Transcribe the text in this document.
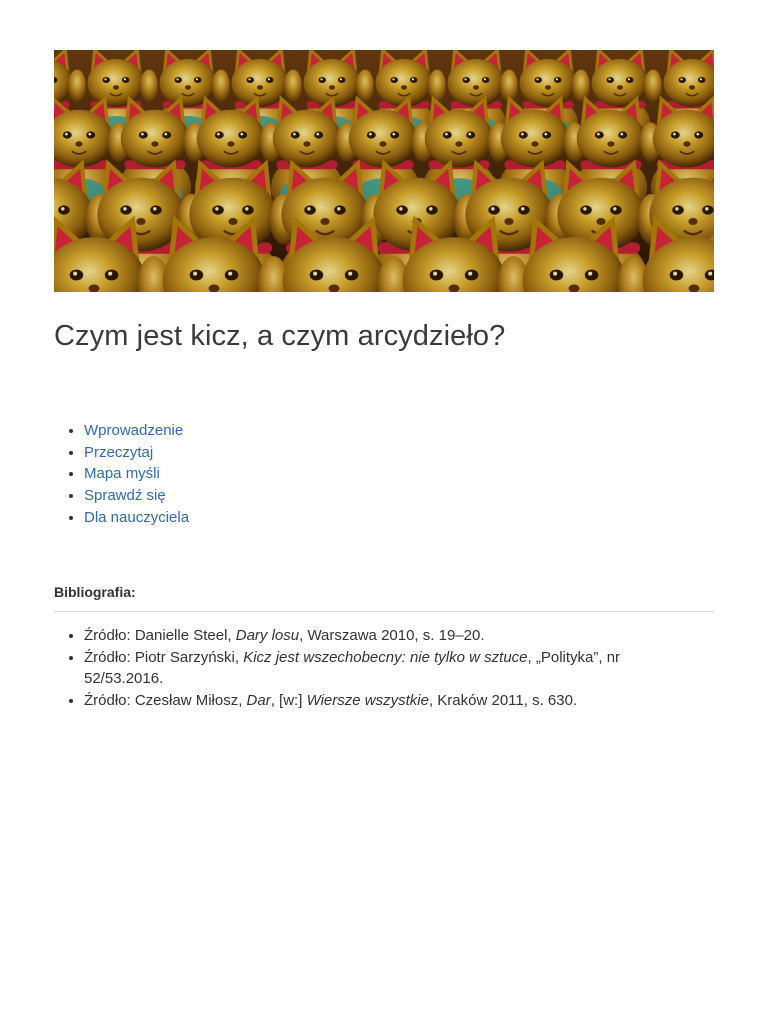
Czym jest kicz, a czym arcydzieło?
• Wprowadzenie
• Przeczytaj
• Mapa myśli
• Sprawdź się
• Dla nauczyciela

Bibliografia:

• Źródło: Danielle Steel, Dary losu, Warszawa 2010, s. 19–20.
• Źródło: Piotr Sarzyński, Kicz jest wszechobecny: nie tylko w sztuce, „Polityka”, nr 52/53.2016.
• Źródło: Czesław Miłosz, Dar, [w:] Wiersze wszystkie, Kraków 2011, s. 630.
